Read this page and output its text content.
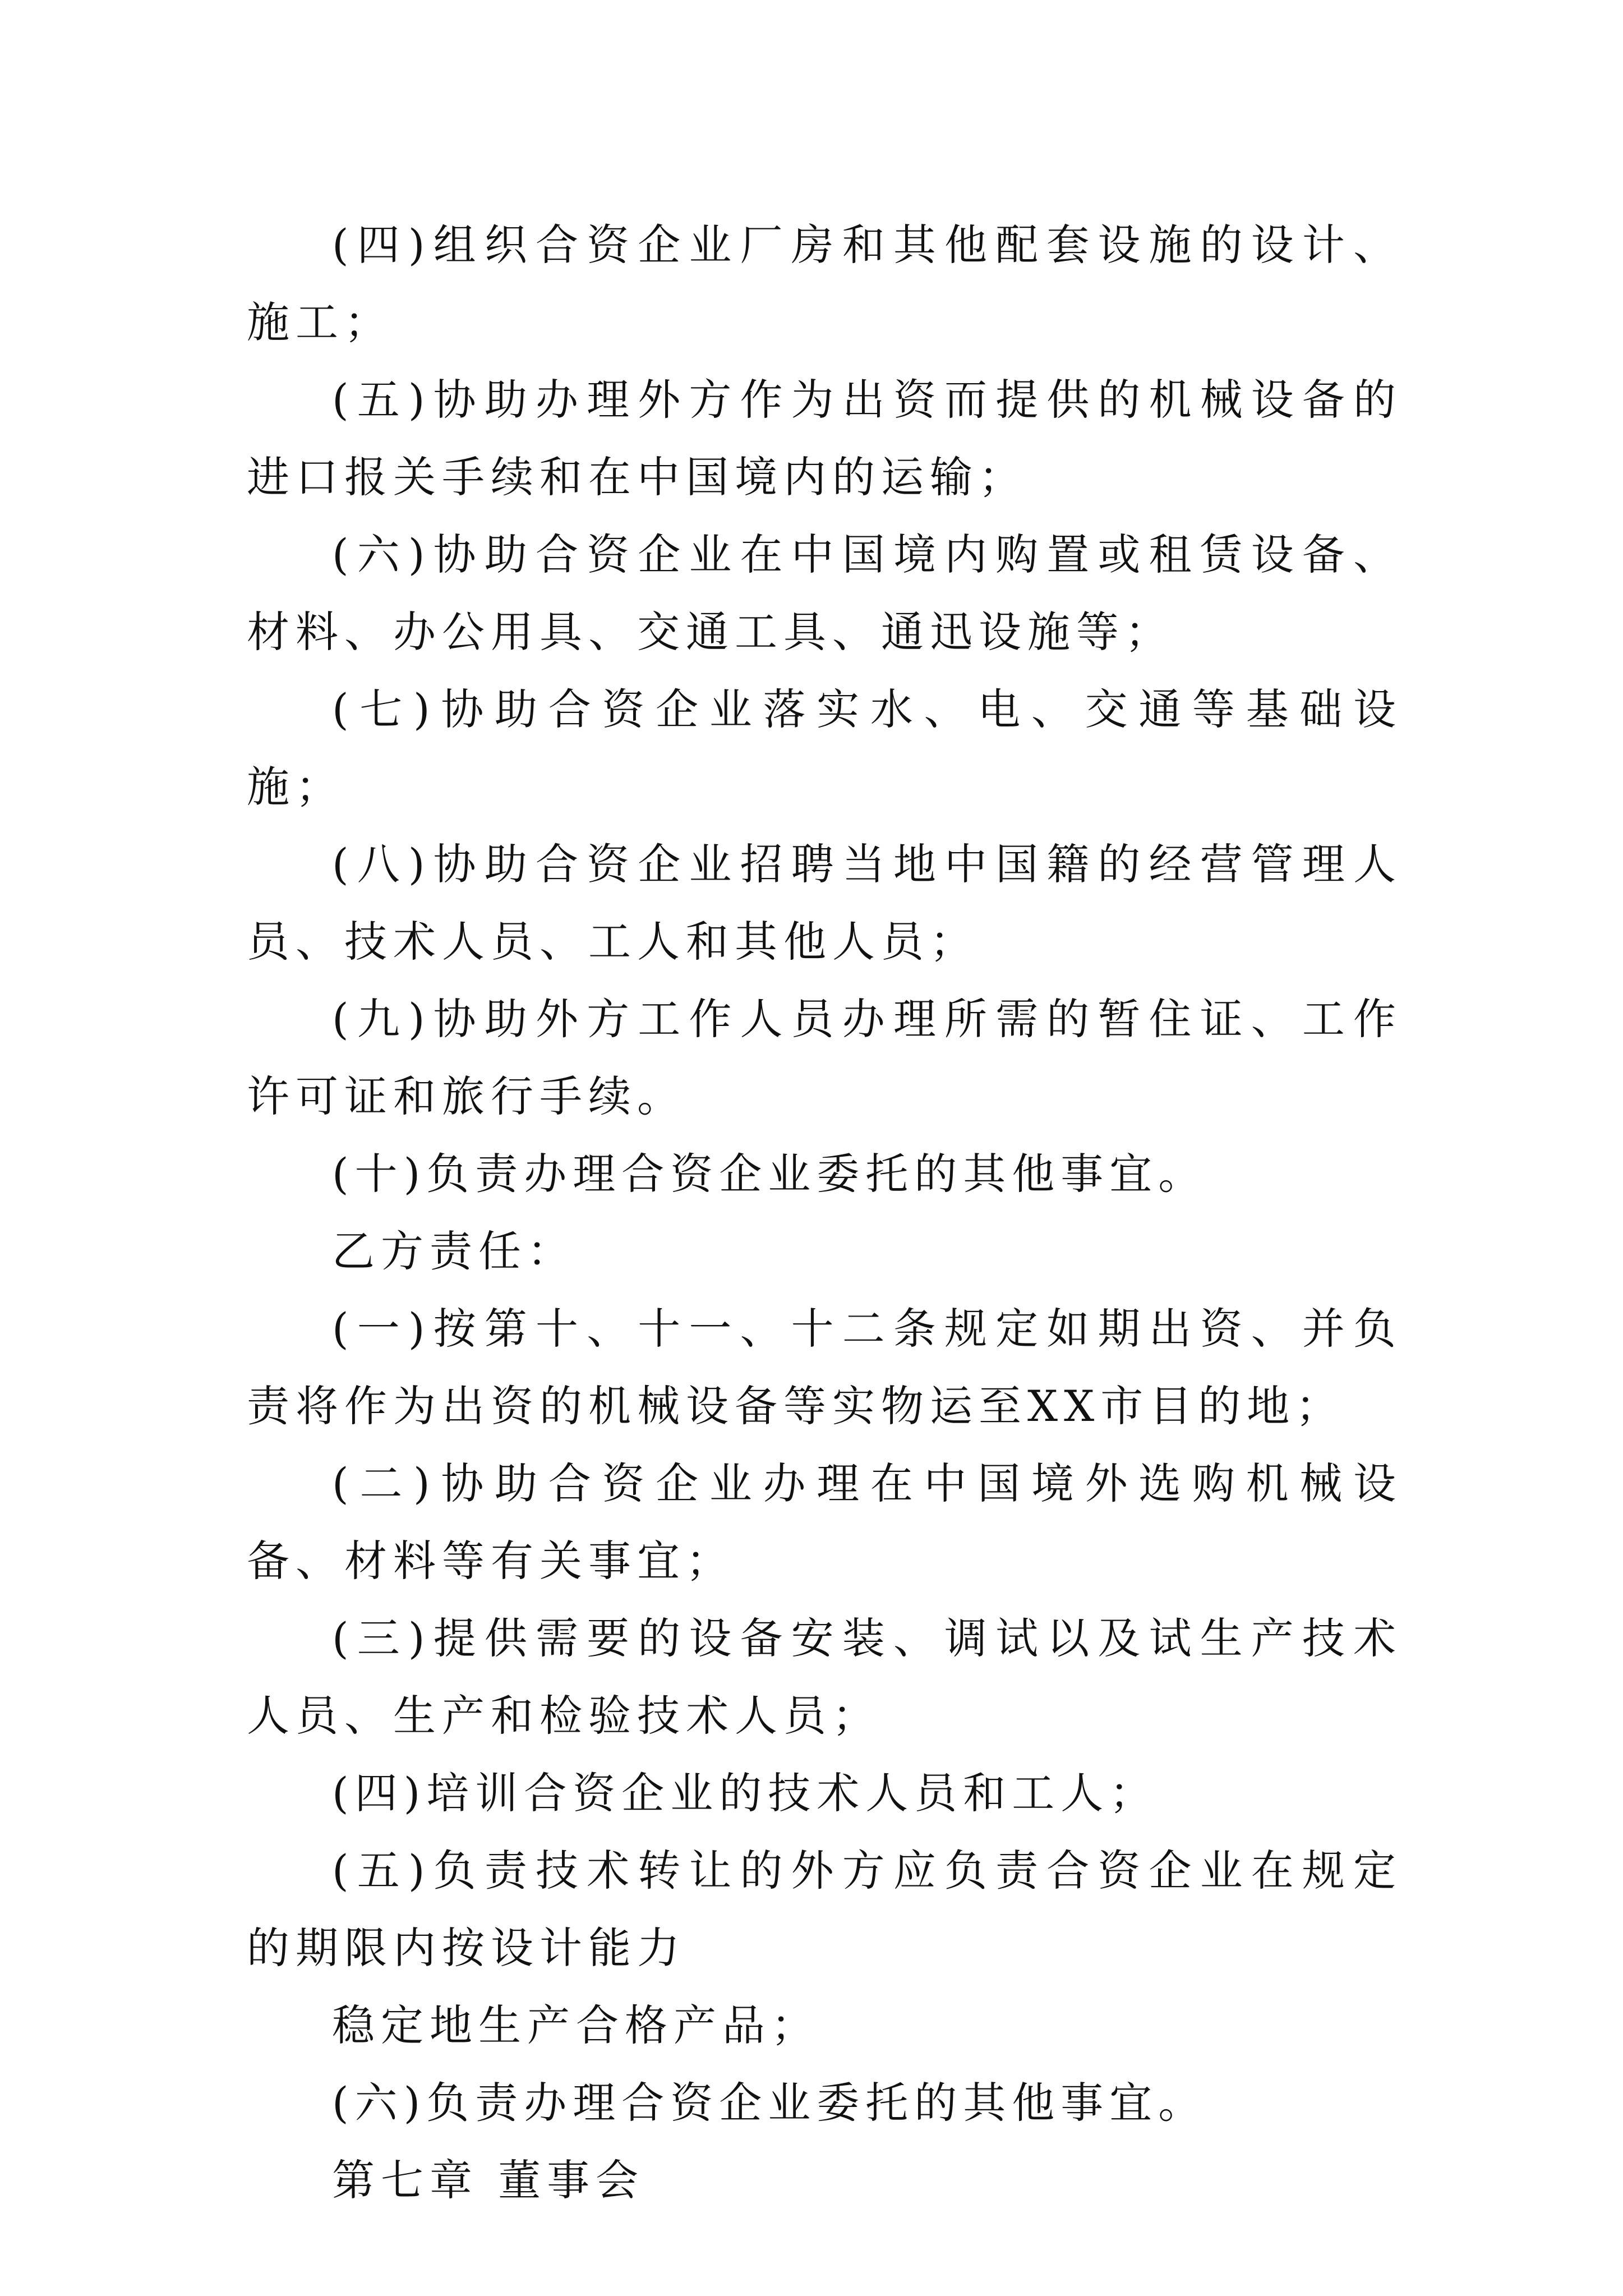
(四)组织合资企业厂房和其他配套设施的设计、施工；

(五)协助办理外方作为出资而提供的机械设备的进口报关手续和在中国境内的运输；

(六)协助合资企业在中国境内购置或租赁设备、材料、办公用具、交通工具、通迅设施等；

(七)协助合资企业落实水、电、交通等基础设施；

(八)协助合资企业招聘当地中国籍的经营管理人员、技术人员、工人和其他人员；

(九)协助外方工作人员办理所需的暂住证、工作许可证和旅行手续。

(十)负责办理合资企业委托的其他事宜。

乙方责任：

(一)按第十、十一、十二条规定如期出资、并负责将作为出资的机械设备等实物运至XX市目的地；

(二)协助合资企业办理在中国境外选购机械设备、材料等有关事宜；

(三)提供需要的设备安装、调试以及试生产技术人员、生产和检验技术人员；

(四)培训合资企业的技术人员和工人；

(五)负责技术转让的外方应负责合资企业在规定的期限内按设计能力

稳定地生产合格产品；

(六)负责办理合资企业委托的其他事宜。

第七章 董事会
